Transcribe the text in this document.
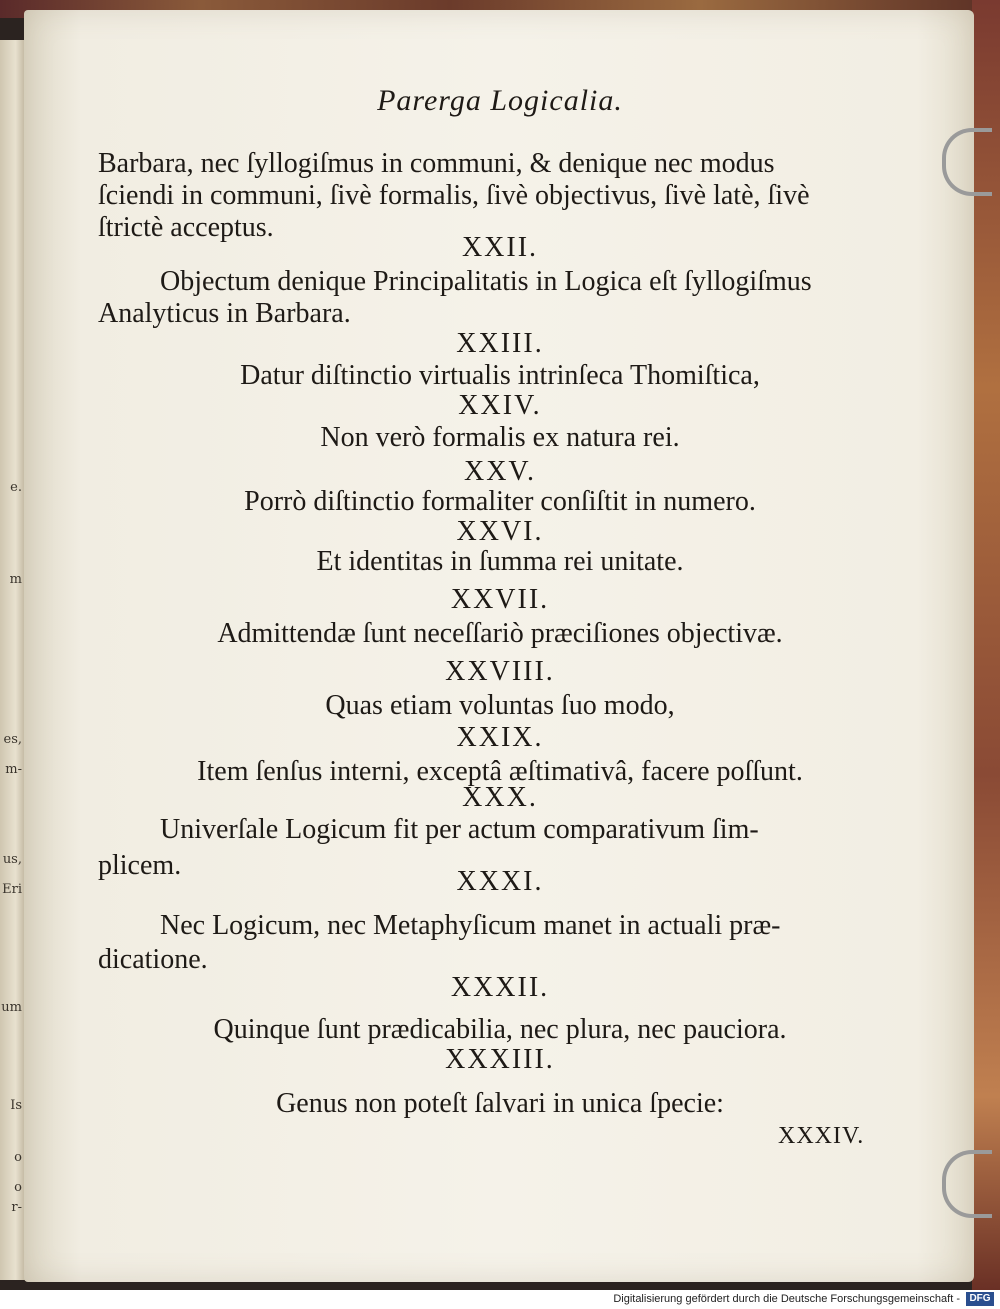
e.
m
es,
m-
us,
Eri
um
Is
o
o
r-
Parerga Logicalia.
Barbara, nec ſyllogiſmus in communi, & denique nec modus
ſciendi in communi, ſivè formalis, ſivè objectivus, ſivè latè, ſivè
ſtrictè acceptus.
XXII.
Objectum denique Principalitatis in Logica eſt ſyllogiſmus
Analyticus in Barbara.
XXIII.
Datur diſtinctio virtualis intrinſeca Thomiſtica,
XXIV.
Non verò formalis ex natura rei.
XXV.
Porrò diſtinctio formaliter conſiſtit in numero.
XXVI.
Et identitas in ſumma rei unitate.
XXVII.
Admittendæ ſunt neceſſariò præciſiones objectivæ.
XXVIII.
Quas etiam voluntas ſuo modo,
XXIX.
Item ſenſus interni, exceptâ æſtimativâ, facere poſſunt.
XXX.
Univerſale Logicum fit per actum comparativum ſim-
plicem.
XXXI.
Nec Logicum, nec Metaphyſicum manet in actuali præ-
dicatione.
XXXII.
Quinque ſunt prædicabilia, nec plura, nec pauciora.
XXXIII.
Genus non poteſt ſalvari in unica ſpecie:
XXXIV.
Digitalisierung gefördert durch die Deutsche Forschungsgemeinschaft - DFG
